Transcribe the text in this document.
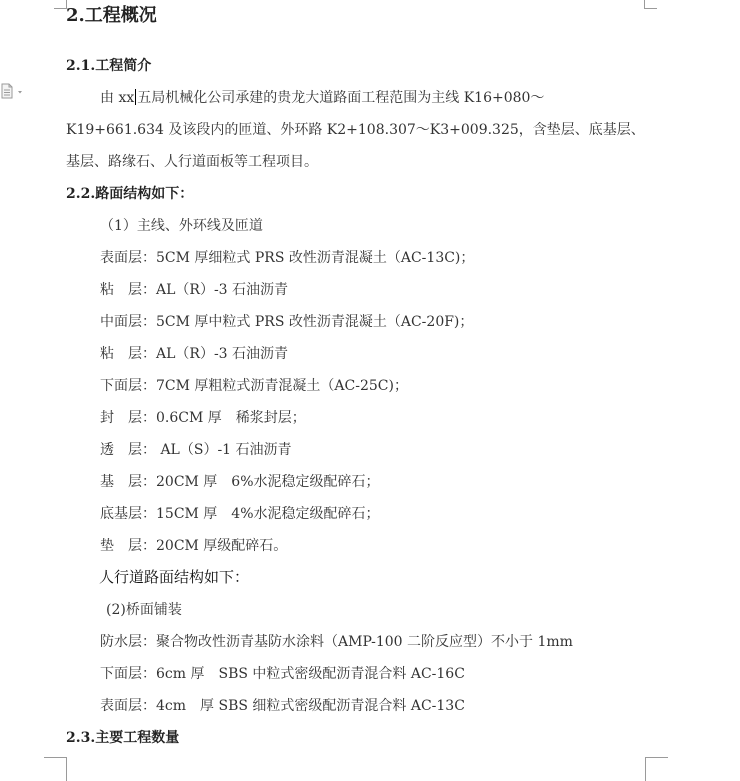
2.工程概况
2.1.工程简介
由 xx 五局机械化公司承建的贵龙大道路面工程范围为主线 K16+080～
K19+661.634 及该段内的匝道、外环路 K2+108.307～K3+009.325，含垫层、底基层、
基层、路缘石、人行道面板等工程项目。
2.2.路面结构如下：
（1）主线、外环线及匝道
表面层：5CM 厚细粒式 PRS 改性沥青混凝土（AC-13C)；
粘　层：AL（R）-3 石油沥青
中面层：5CM 厚中粒式 PRS 改性沥青混凝土（AC-20F)；
粘　层：AL（R）-3 石油沥青
下面层：7CM 厚粗粒式沥青混凝土（AC-25C)；
封　层：0.6CM 厚　稀浆封层；
透　层： AL（S）-1 石油沥青
基　层：20CM 厚　6%水泥稳定级配碎石；
底基层：15CM 厚　4%水泥稳定级配碎石；
垫　层：20CM 厚级配碎石。
人行道路面结构如下：
(2)桥面铺装
防水层：聚合物改性沥青基防水涂料（AMP-100 二阶反应型）不小于 1mm
下面层：6cm 厚　SBS 中粒式密级配沥青混合料 AC-16C
表面层：4cm　厚 SBS 细粒式密级配沥青混合料 AC-13C
2.3.主要工程数量
